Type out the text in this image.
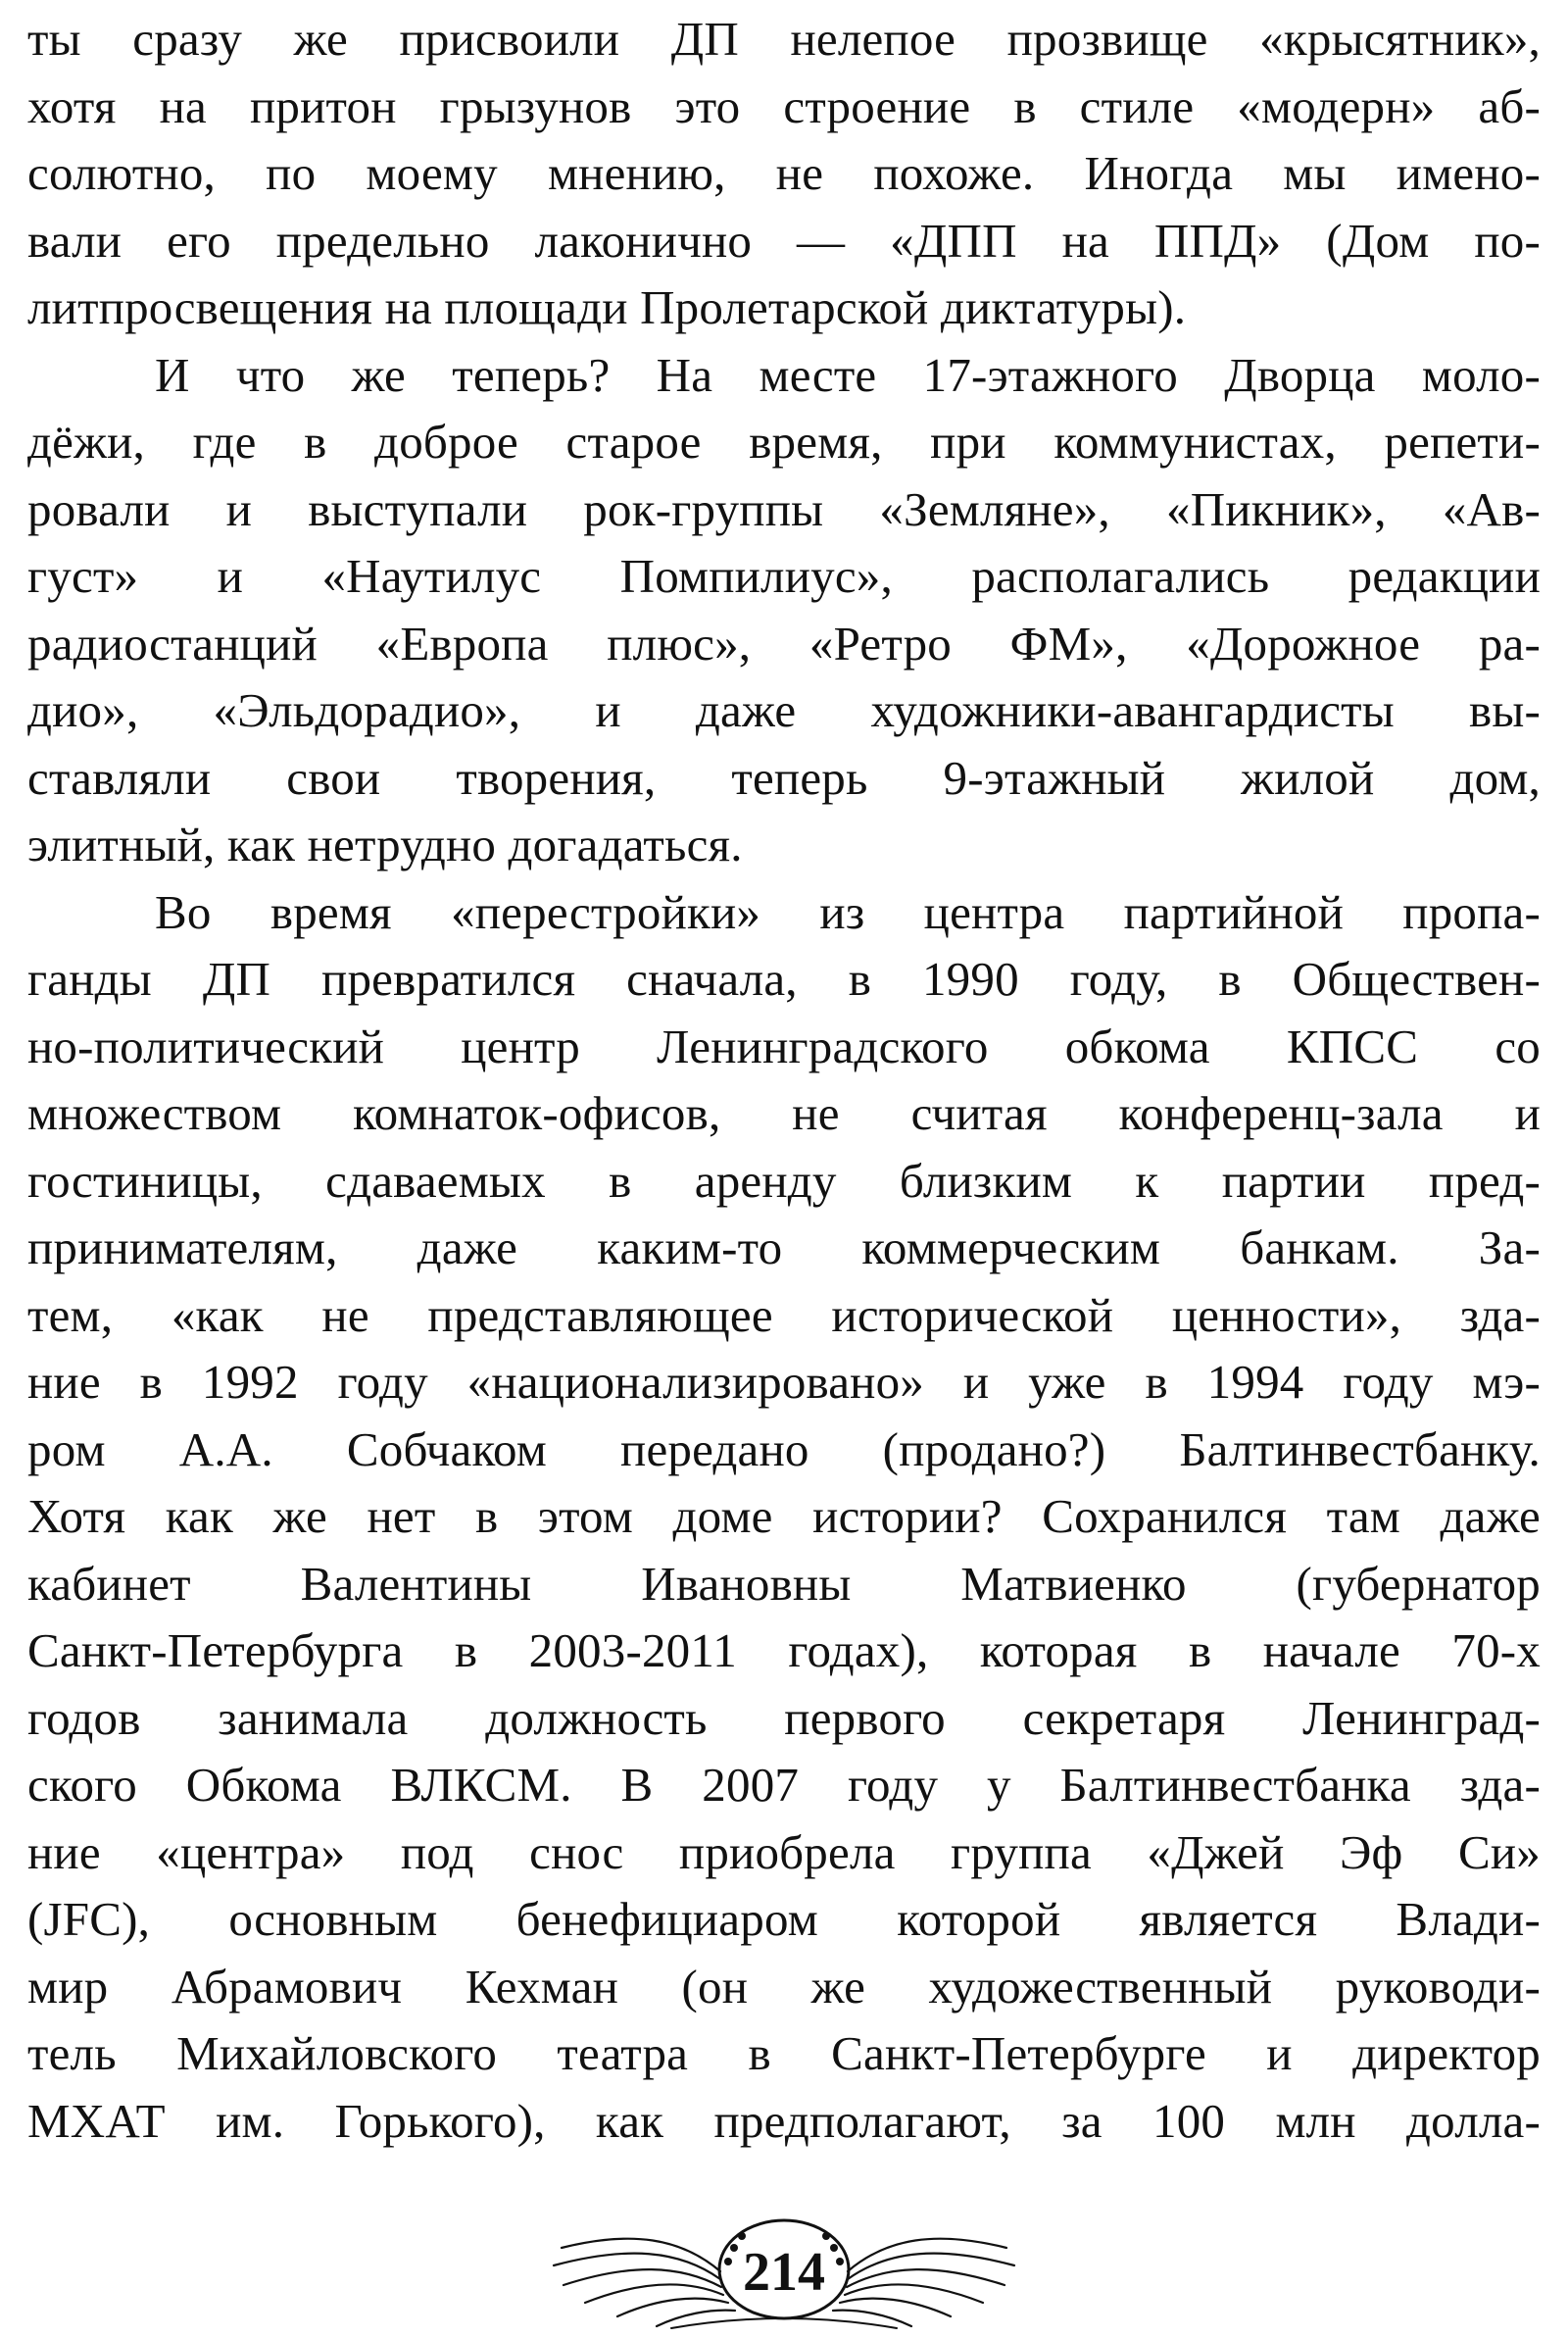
ты сразу же присвоили ДП нелепое прозвище «крысятник»,
хотя на притон грызунов это строение в стиле «модерн» аб-
солютно, по моему мнению, не похоже. Иногда мы имено-
вали его предельно лаконично — «ДПП на ППД» (Дом по-
литпросвещения на площади Пролетарской диктатуры).
И что же теперь? На месте 17-этажного Дворца моло-
дёжи, где в доброе старое время, при коммунистах, репети-
ровали и выступали рок-группы «Земляне», «Пикник», «Ав-
густ» и «Наутилус Помпилиус», располагались редакции
радиостанций «Европа плюс», «Ретро ФМ», «Дорожное ра-
дио», «Эльдорадио», и даже художники-авангардисты вы-
ставляли свои творения, теперь 9-этажный жилой дом,
элитный, как нетрудно догадаться.
Во время «перестройки» из центра партийной пропа-
ганды ДП превратился сначала, в 1990 году, в Обществен-
но-политический центр Ленинградского обкома КПСС со
множеством комнаток-офисов, не считая конференц-зала и
гостиницы, сдаваемых в аренду близким к партии пред-
принимателям, даже каким-то коммерческим банкам. За-
тем, «как не представляющее исторической ценности», зда-
ние в 1992 году «национализировано» и уже в 1994 году мэ-
ром А.А. Собчаком передано (продано?) Балтинвестбанку.
Хотя как же нет в этом доме истории? Сохранился там даже
кабинет Валентины Ивановны Матвиенко (губернатор
Санкт-Петербурга в 2003-2011 годах), которая в начале 70-х
годов занимала должность первого секретаря Ленинград-
ского Обкома ВЛКСМ. В 2007 году у Балтинвестбанка зда-
ние «центра» под снос приобрела группа «Джей Эф Си»
(JFC), основным бенефициаром которой является Влади-
мир Абрамович Кехман (он же художественный руководи-
тель Михайловского театра в Санкт-Петербурге и директор
МХАТ им. Горького), как предполагают, за 100 млн долла-
214
